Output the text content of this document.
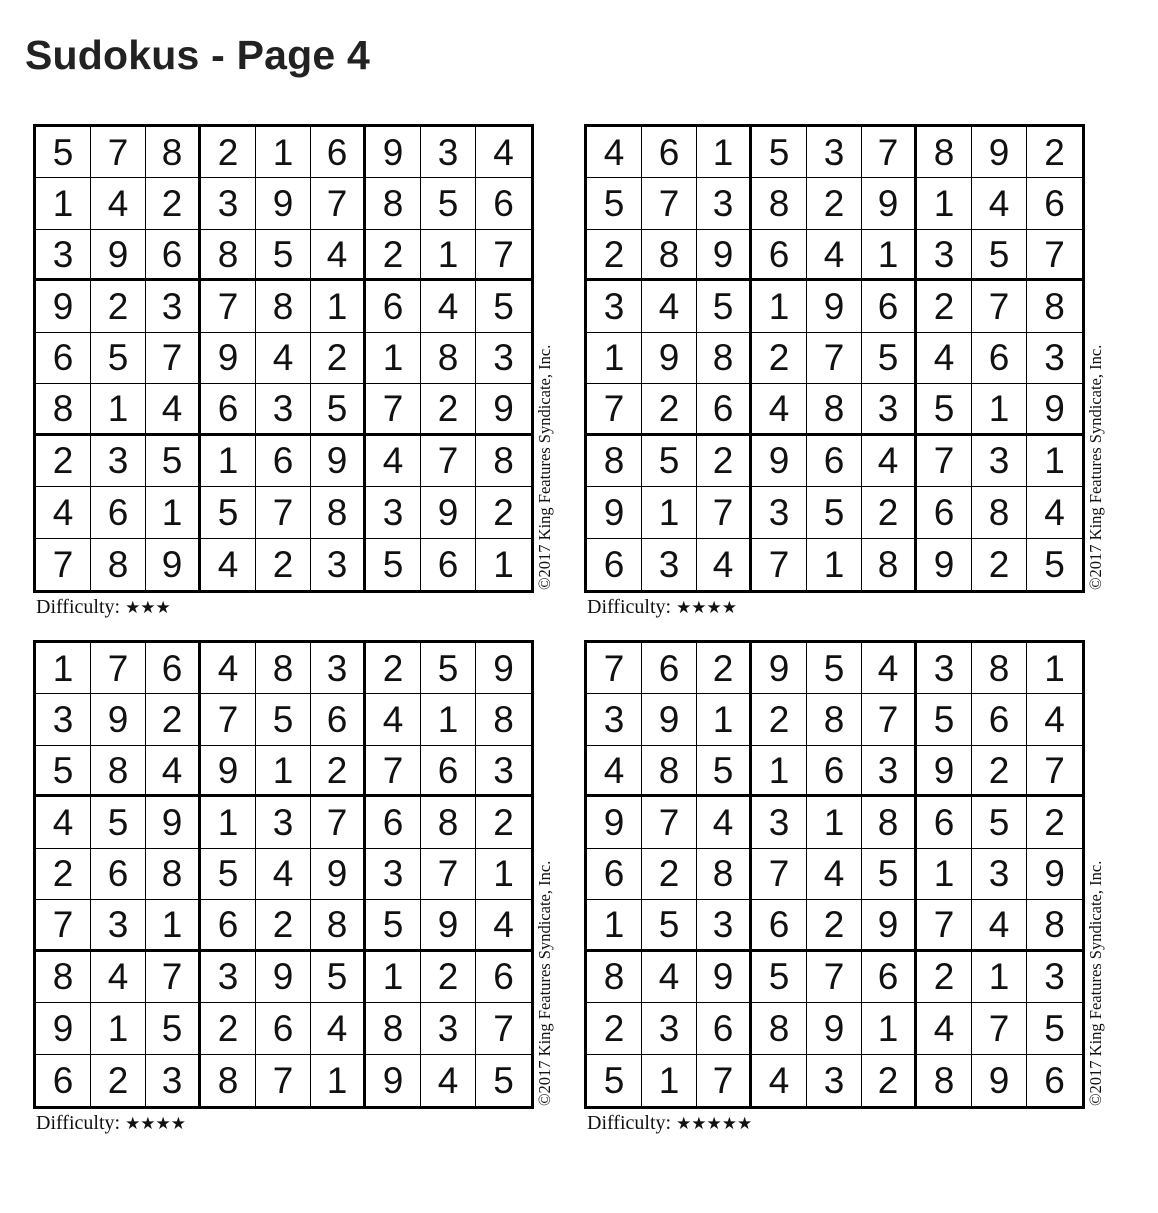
Sudokus - Page 4
5 7 8 2 1 6 9 3 4
1 4 2 3 9 7 8 5 6
3 9 6 8 5 4 2 1 7
9 2 3 7 8 1 6 4 5
6 5 7 9 4 2 1 8 3
8 1 4 6 3 5 7 2 9
2 3 5 1 6 9 4 7 8
4 6 1 5 7 8 3 9 2
7 8 9 4 2 3 5 6 1	©2017 King Features Syndicate, Inc.
Difficulty: ★★★
4 6 1 5 3 7 8 9 2
5 7 3 8 2 9 1 4 6
2 8 9 6 4 1 3 5 7
3 4 5 1 9 6 2 7 8
1 9 8 2 7 5 4 6 3
7 2 6 4 8 3 5 1 9
8 5 2 9 6 4 7 3 1
9 1 7 3 5 2 6 8 4
6 3 4 7 1 8 9 2 5	©2017 King Features Syndicate, Inc.
Difficulty: ★★★★
1 7 6 4 8 3 2 5 9
3 9 2 7 5 6 4 1 8
5 8 4 9 1 2 7 6 3
4 5 9 1 3 7 6 8 2
2 6 8 5 4 9 3 7 1
7 3 1 6 2 8 5 9 4
8 4 7 3 9 5 1 2 6
9 1 5 2 6 4 8 3 7
6 2 3 8 7 1 9 4 5	©2017 King Features Syndicate, Inc.
Difficulty: ★★★★
7 6 2 9 5 4 3 8 1
3 9 1 2 8 7 5 6 4
4 8 5 1 6 3 9 2 7
9 7 4 3 1 8 6 5 2
6 2 8 7 4 5 1 3 9
1 5 3 6 2 9 7 4 8
8 4 9 5 7 6 2 1 3
2 3 6 8 9 1 4 7 5
5 1 7 4 3 2 8 9 6	©2017 King Features Syndicate, Inc.
Difficulty: ★★★★★
